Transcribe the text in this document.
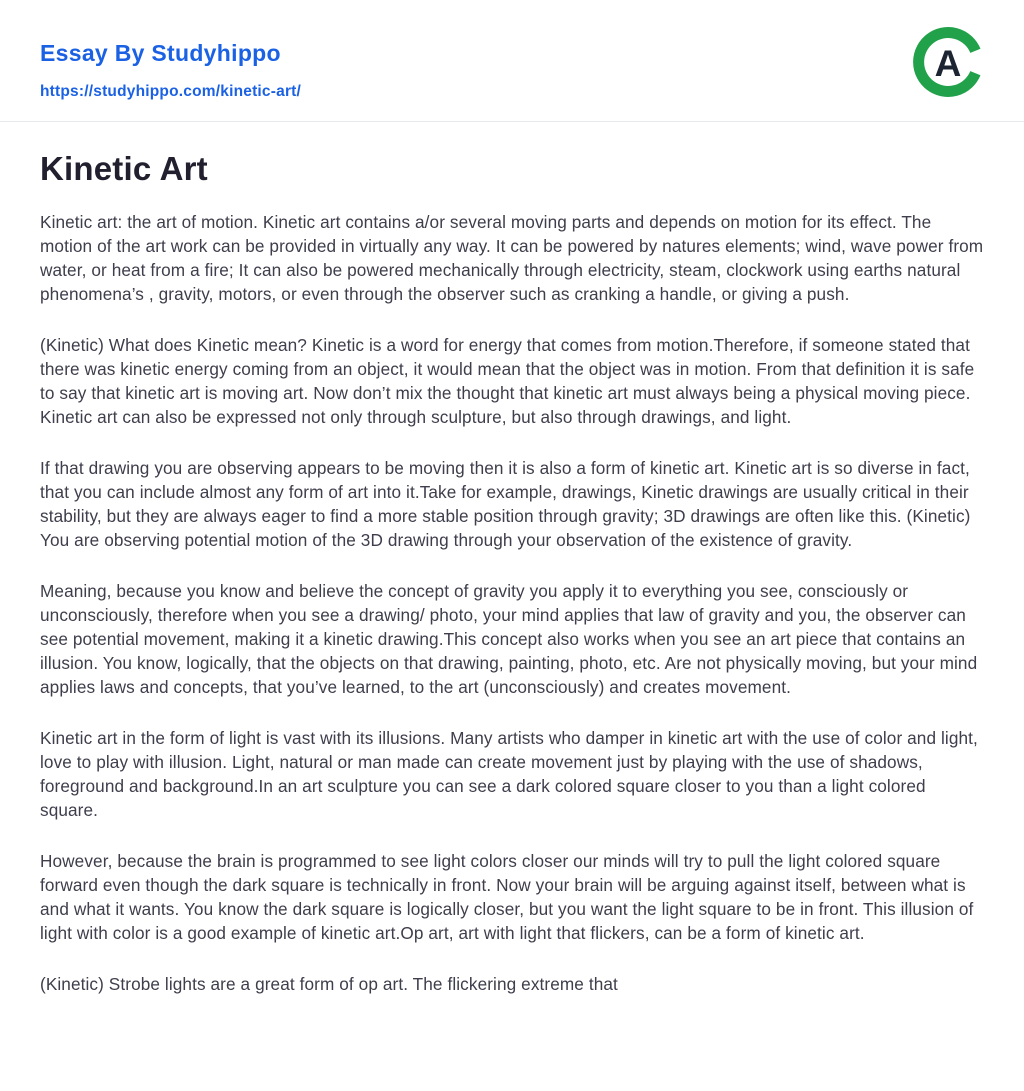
Essay By Studyhippo
https://studyhippo.com/kinetic-art/
A
Kinetic Art

Kinetic art: the art of motion. Kinetic art contains a/or several moving parts and depends on motion for its effect. The motion of the art work can be provided in virtually any way. It can be powered by natures elements; wind, wave power from water, or heat from a fire; It can also be powered mechanically through electricity, steam, clockwork using earths natural phenomena’s , gravity, motors, or even through the observer such as cranking a handle, or giving a push.

(Kinetic) What does Kinetic mean? Kinetic is a word for energy that comes from motion.Therefore, if someone stated that there was kinetic energy coming from an object, it would mean that the object was in motion. From that definition it is safe to say that kinetic art is moving art. Now don’t mix the thought that kinetic art must always being a physical moving piece. Kinetic art can also be expressed not only through sculpture, but also through drawings, and light.

If that drawing you are observing appears to be moving then it is also a form of kinetic art. Kinetic art is so diverse in fact, that you can include almost any form of art into it.Take for example, drawings, Kinetic drawings are usually critical in their stability, but they are always eager to find a more stable position through gravity; 3D drawings are often like this. (Kinetic) You are observing potential motion of the 3D drawing through your observation of the existence of gravity.

Meaning, because you know and believe the concept of gravity you apply it to everything you see, consciously or unconsciously, therefore when you see a drawing/ photo, your mind applies that law of gravity and you, the observer can see potential movement, making it a kinetic drawing.This concept also works when you see an art piece that contains an illusion. You know, logically, that the objects on that drawing, painting, photo, etc. Are not physically moving, but your mind applies laws and concepts, that you’ve learned, to the art (unconsciously) and creates movement.

Kinetic art in the form of light is vast with its illusions. Many artists who damper in kinetic art with the use of color and light, love to play with illusion. Light, natural or man made can create movement just by playing with the use of shadows, foreground and background.In an art sculpture you can see a dark colored square closer to you than a light colored square.

However, because the brain is programmed to see light colors closer our minds will try to pull the light colored square forward even though the dark square is technically in front. Now your brain will be arguing against itself, between what is and what it wants. You know the dark square is logically closer, but you want the light square to be in front. This illusion of light with color is a good example of kinetic art.Op art, art with light that flickers, can be a form of kinetic art.

(Kinetic) Strobe lights are a great form of op art. The flickering extreme that
